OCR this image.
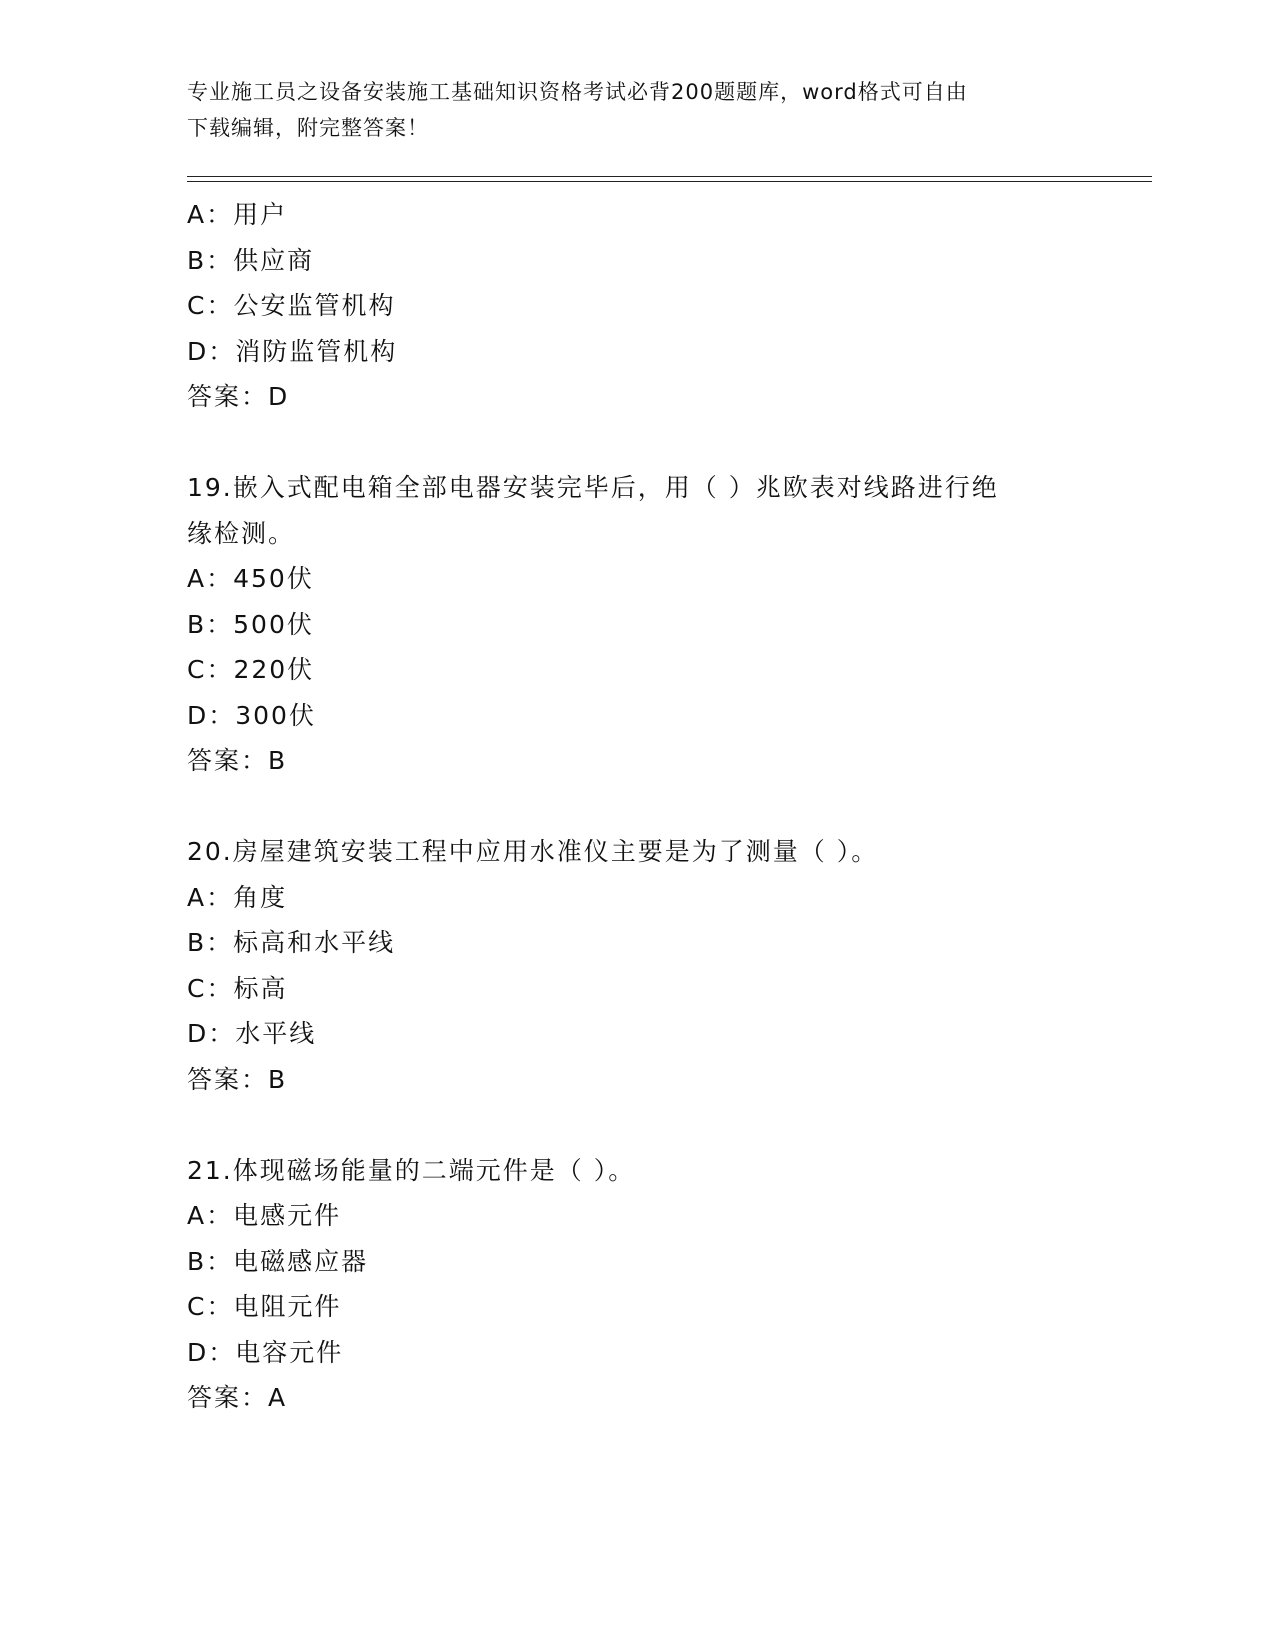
专业施工员之设备安装施工基础知识资格考试必背200题题库，word格式可自由
下载编辑，附完整答案！
A：用户
B：供应商
C：公安监管机构
D：消防监管机构
答案：D
19.嵌入式配电箱全部电器安装完毕后，用（ ）兆欧表对线路进行绝
缘检测。
A：450伏
B：500伏
C：220伏
D：300伏
答案：B
20.房屋建筑安装工程中应用水准仪主要是为了测量（ ）。
A：角度
B：标高和水平线
C：标高
D：水平线
答案：B
21.体现磁场能量的二端元件是（ ）。
A：电感元件
B：电磁感应器
C：电阻元件
D：电容元件
答案：A
